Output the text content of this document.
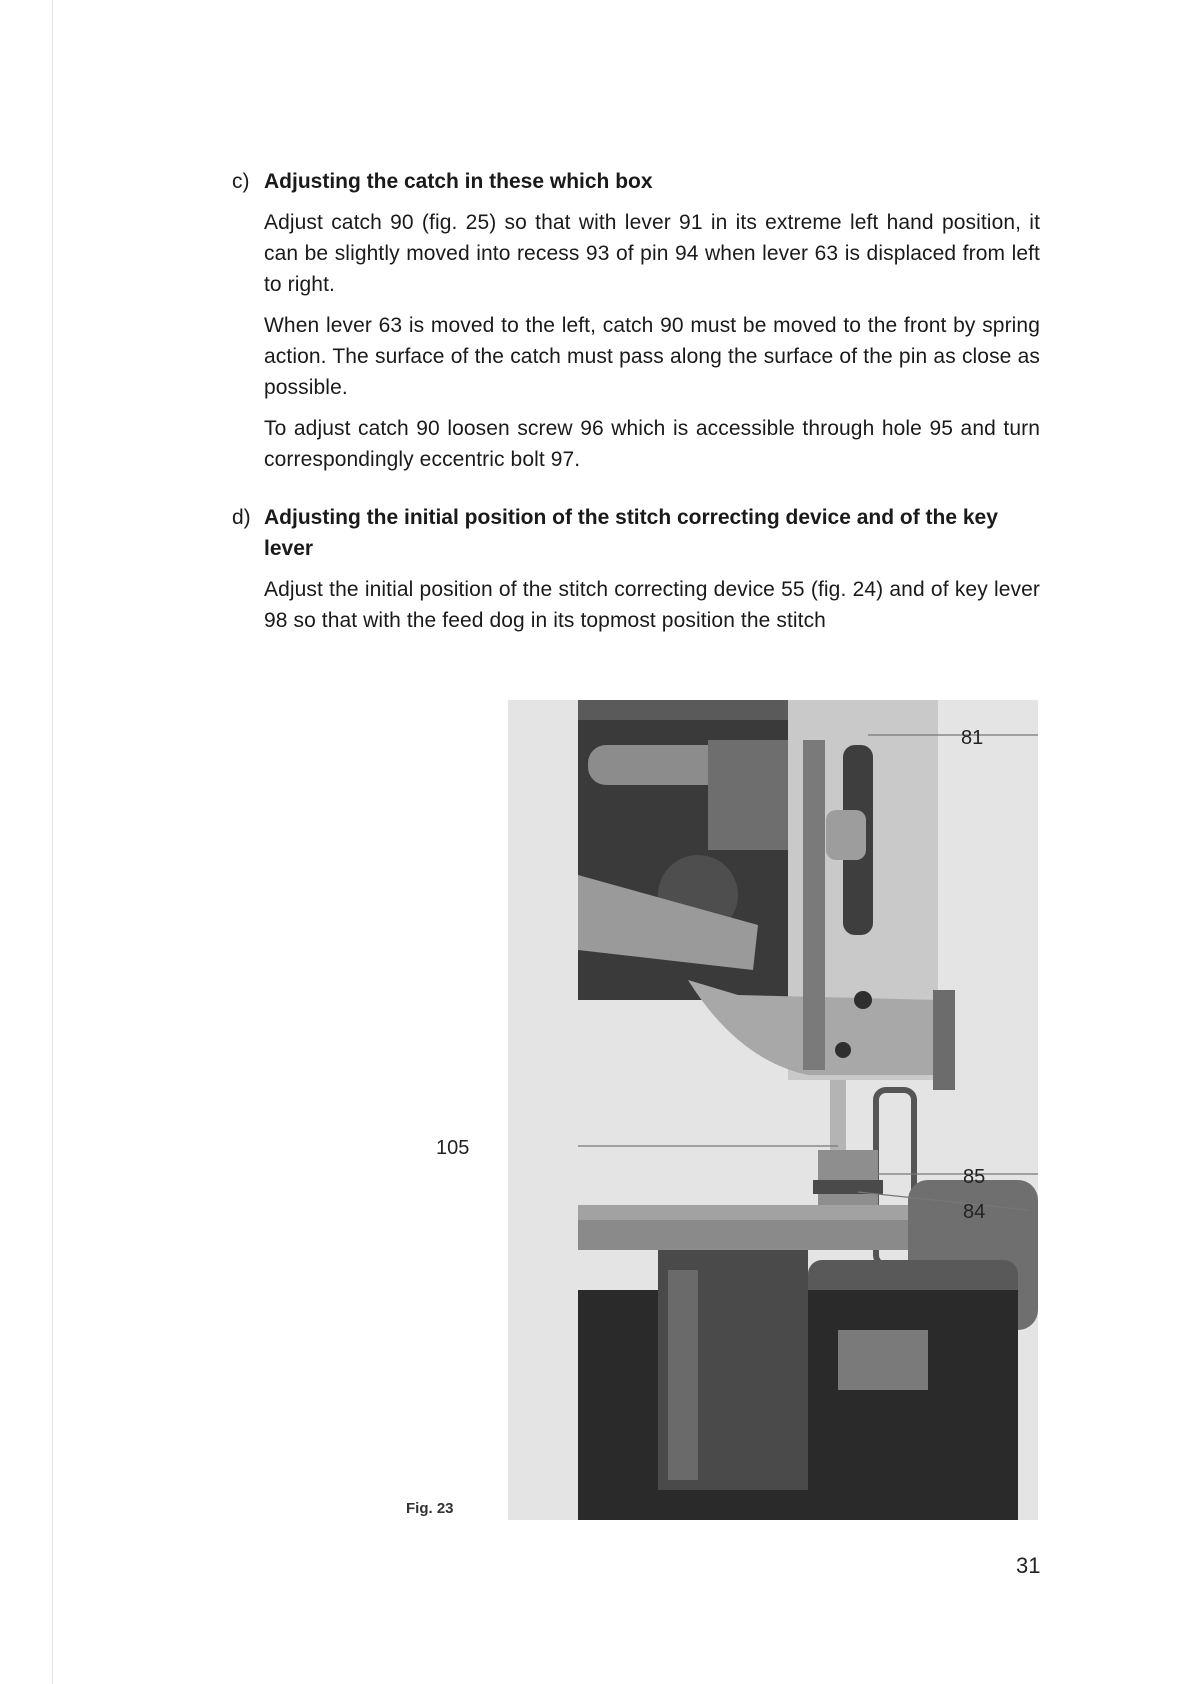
c) Adjusting the catch in these which box

Adjust catch 90 (fig. 25) so that with lever 91 in its extreme left hand position, it can be slightly moved into recess 93 of pin 94 when lever 63 is displaced from left to right.

When lever 63 is moved to the left, catch 90 must be moved to the front by spring action. The surface of the catch must pass along the surface of the pin as close as possible.

To adjust catch 90 loosen screw 96 which is accessible through hole 95 and turn correspondingly eccentric bolt 97.

d) Adjusting the initial position of the stitch correcting device and of the key lever

Adjust the initial position of the stitch correcting device 55 (fig. 24) and of key lever 98 so that with the feed dog in its topmost position the stitch

81
85
84
105
Fig. 23
31
